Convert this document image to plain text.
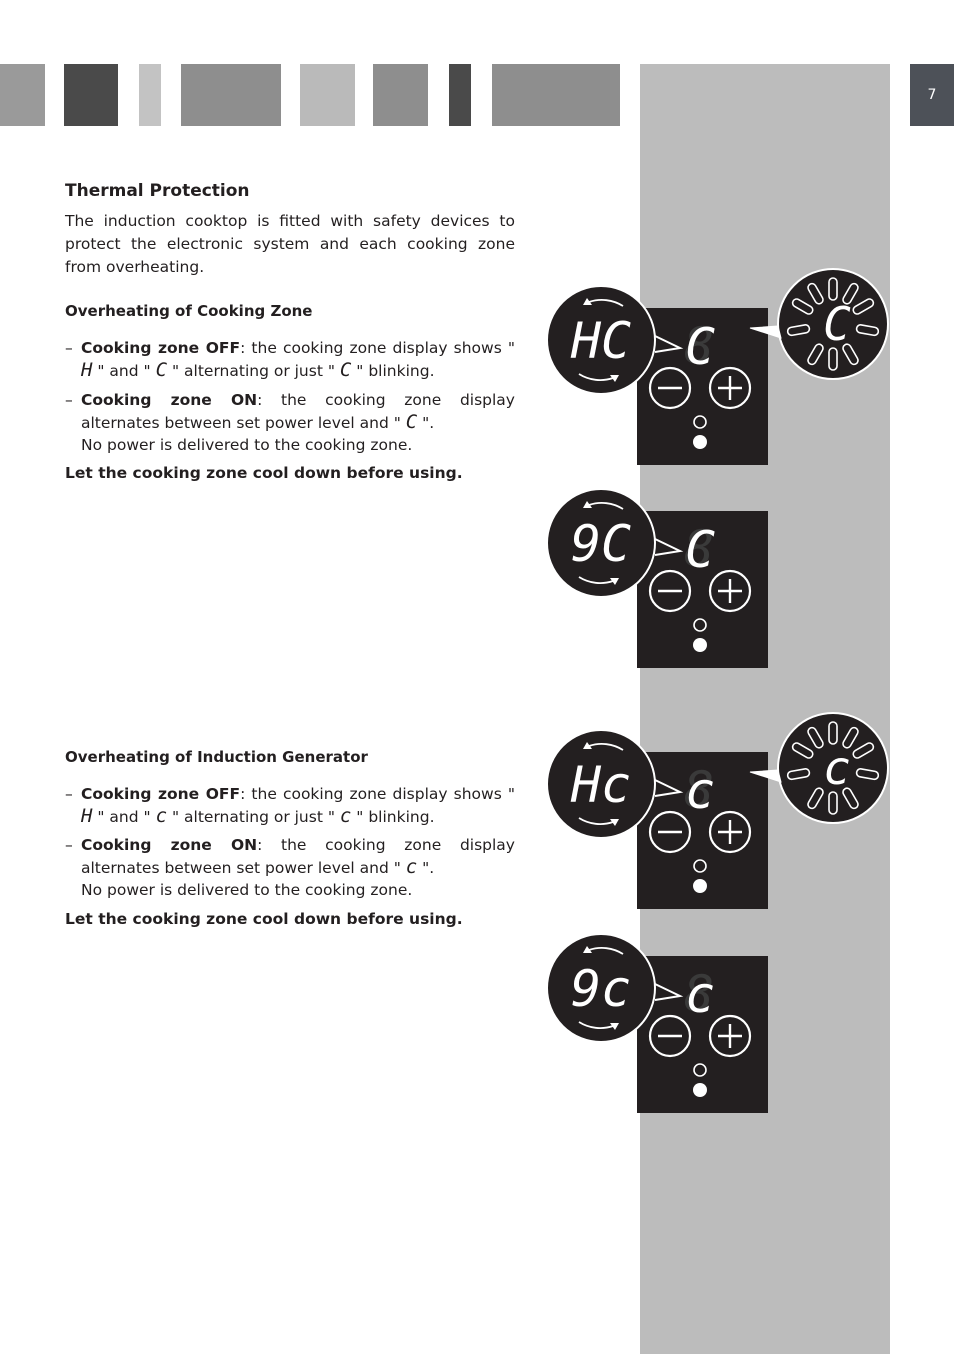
7
Thermal Protection

The induction cooktop is fitted with safety devices to protect the electronic system and each cooking zone from overheating.

Overheating of Cooking Zone
– Cooking zone OFF: the cooking zone display shows " H " and " C " alternating or just " C " blinking.
– Cooking zone ON: the cooking zone display alternates between set power level and " C ".
No power is delivered to the cooking zone.

Let the cooking zone cool down before using.

Overheating of Induction Generator
– Cooking zone OFF: the cooking zone display shows " H " and " c " alternating or just " c " blinking.
– Cooking zone ON: the cooking zone display alternates between set power level and " c ".
No power is delivered to the cooking zone.

Let the cooking zone cool down before using.

C C
HC
C
9C
c c
Hc
c
9c
